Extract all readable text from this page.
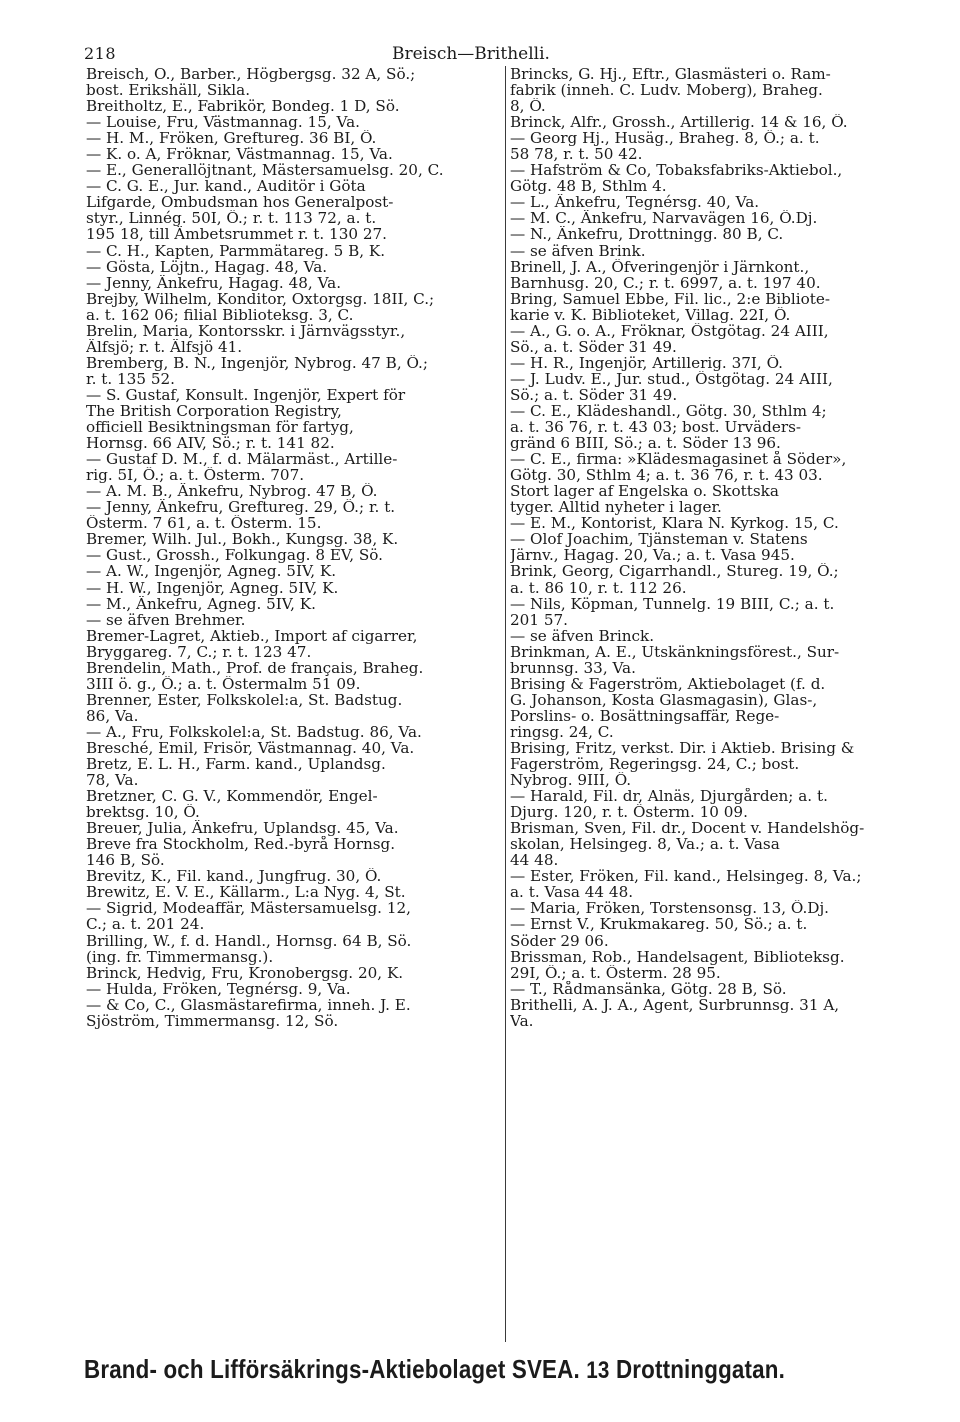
218	Breisch—Brithelli.
Breisch, O., Barber., Högbergsg. 32 A, Sö.;
bost. Erikshäll, Sikla.
Breitholtz, E., Fabrikör, Bondeg. 1 D, Sö.
— Louise, Fru, Västmannag. 15, Va.
— H. M., Fröken, Greftureg. 36 BI, Ö.
— K. o. A, Fröknar, Västmannag. 15, Va.
— E., Generallöjtnant, Mästersamuelsg. 20, C.
— C. G. E., Jur. kand., Auditör i Göta
Lifgarde, Ombudsman hos Generalpost-
styr., Linnég. 50I, Ö.; r. t. 113 72, a. t.
195 18, till Ämbetsrummet r. t. 130 27.
— C. H., Kapten, Parmmätareg. 5 B, K.
— Gösta, Löjtn., Hagag. 48, Va.
— Jenny, Änkefru, Hagag. 48, Va.
Brejby, Wilhelm, Konditor, Oxtorgsg. 18II, C.;
a. t. 162 06; filial Biblioteksg. 3, C.
Brelin, Maria, Kontorsskr. i Järnvägsstyr.,
Älfsjö; r. t. Älfsjö 41.
Bremberg, B. N., Ingenjör, Nybrog. 47 B, Ö.;
r. t. 135 52.
— S. Gustaf, Konsult. Ingenjör, Expert för
The British Corporation Registry,
officiell Besiktningsman för fartyg,
Hornsg. 66 AIV, Sö.; r. t. 141 82.
— Gustaf D. M., f. d. Mälarmäst., Artille-
rig. 5I, Ö.; a. t. Österm. 707.
— A. M. B., Änkefru, Nybrog. 47 B, Ö.
— Jenny, Änkefru, Greftureg. 29, Ö.; r. t.
Österm. 7 61, a. t. Österm. 15.
Bremer, Wilh. Jul., Bokh., Kungsg. 38, K.
— Gust., Grossh., Folkungag. 8 EV, Sö.
— A. W., Ingenjör, Agneg. 5IV, K.
— H. W., Ingenjör, Agneg. 5IV, K.
— M., Änkefru, Agneg. 5IV, K.
— se äfven Brehmer.
Bremer-Lagret, Aktieb., Import af cigarrer,
Bryggareg. 7, C.; r. t. 123 47.
Brendelin, Math., Prof. de français, Braheg.
3III ö. g., Ö.; a. t. Östermalm 51 09.
Brenner, Ester, Folkskolel:a, St. Badstug.
86, Va.
— A., Fru, Folkskolel:a, St. Badstug. 86, Va.
Bresché, Emil, Frisör, Västmannag. 40, Va.
Bretz, E. L. H., Farm. kand., Uplandsg.
78, Va.
Bretzner, C. G. V., Kommendör, Engel-
brektsg. 10, Ö.
Breuer, Julia, Änkefru, Uplandsg. 45, Va.
Breve fra Stockholm, Red.-byrå Hornsg.
146 B, Sö.
Brevitz, K., Fil. kand., Jungfrug. 30, Ö.
Brewitz, E. V. E., Källarm., L:a Nyg. 4, St.
— Sigrid, Modeaffär, Mästersamuelsg. 12,
C.; a. t. 201 24.
Brilling, W., f. d. Handl., Hornsg. 64 B, Sö.
(ing. fr. Timmermansg.).
Brinck, Hedvig, Fru, Kronobergsg. 20, K.
— Hulda, Fröken, Tegnérsg. 9, Va.
— & Co, C., Glasmästarefirma, inneh. J. E.
Sjöström, Timmermansg. 12, Sö.
Brincks, G. Hj., Eftr., Glasmästeri o. Ram-
fabrik (inneh. C. Ludv. Moberg), Braheg.
8, Ö.
Brinck, Alfr., Grossh., Artillerig. 14 & 16, Ö.
— Georg Hj., Husäg., Braheg. 8, Ö.; a. t.
58 78, r. t. 50 42.
— Hafström & Co, Tobaksfabriks-Aktiebol.,
Götg. 48 B, Sthlm 4.
— L., Änkefru, Tegnérsg. 40, Va.
— M. C., Änkefru, Narvavägen 16, Ö.Dj.
— N., Änkefru, Drottningg. 80 B, C.
— se äfven Brink.
Brinell, J. A., Öfveringenjör i Järnkont.,
Barnhusg. 20, C.; r. t. 6997, a. t. 197 40.
Bring, Samuel Ebbe, Fil. lic., 2:e Bibliote-
karie v. K. Biblioteket, Villag. 22I, Ö.
— A., G. o. A., Fröknar, Östgötag. 24 AIII,
Sö., a. t. Söder 31 49.
— H. R., Ingenjör, Artillerig. 37I, Ö.
— J. Ludv. E., Jur. stud., Östgötag. 24 AIII,
Sö.; a. t. Söder 31 49.
— C. E., Klädeshandl., Götg. 30, Sthlm 4;
a. t. 36 76, r. t. 43 03; bost. Urväders-
gränd 6 BIII, Sö.; a. t. Söder 13 96.
— C. E., firma: »Klädesmagasinet å Söder»,
Götg. 30, Sthlm 4; a. t. 36 76, r. t. 43 03.
Stort lager af Engelska o. Skottska
tyger. Alltid nyheter i lager.
— E. M., Kontorist, Klara N. Kyrkog. 15, C.
— Olof Joachim, Tjänsteman v. Statens
Järnv., Hagag. 20, Va.; a. t. Vasa 945.
Brink, Georg, Cigarrhandl., Stureg. 19, Ö.;
a. t. 86 10, r. t. 112 26.
— Nils, Köpman, Tunnelg. 19 BIII, C.; a. t.
201 57.
— se äfven Brinck.
Brinkman, A. E., Utskänkningsförest., Sur-
brunnsg. 33, Va.
Brising & Fagerström, Aktiebolaget (f. d.
G. Johanson, Kosta Glasmagasin), Glas-,
Porslins- o. Bosättningsaffär, Rege-
ringsg. 24, C.
Brising, Fritz, verkst. Dir. i Aktieb. Brising &
Fagerström, Regeringsg. 24, C.; bost.
Nybrog. 9III, Ö.
— Harald, Fil. dr, Alnäs, Djurgården; a. t.
Djurg. 120, r. t. Österm. 10 09.
Brisman, Sven, Fil. dr., Docent v. Handelshög-
skolan, Helsingeg. 8, Va.; a. t. Vasa
44 48.
— Ester, Fröken, Fil. kand., Helsingeg. 8, Va.;
a. t. Vasa 44 48.
— Maria, Fröken, Torstensonsg. 13, Ö.Dj.
— Ernst V., Krukmakareg. 50, Sö.; a. t.
Söder 29 06.
Brissman, Rob., Handelsagent, Biblioteksg.
29I, Ö.; a. t. Österm. 28 95.
— T., Rådmansänka, Götg. 28 B, Sö.
Brithelli, A. J. A., Agent, Surbrunnsg. 31 A,
Va.
Brand- och Lifförsäkrings-Aktiebolaget SVEA. 13 Drottninggatan.
